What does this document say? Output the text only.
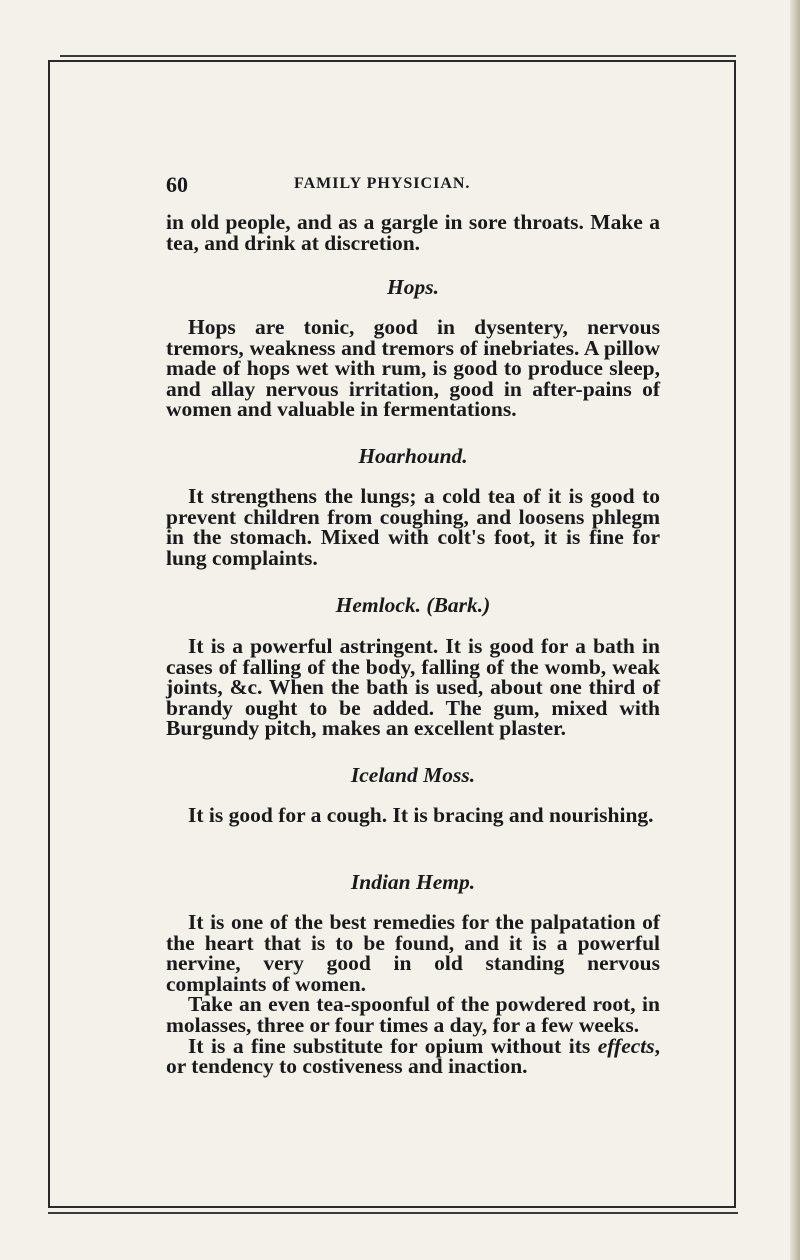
60	FAMILY PHYSICIAN.

in old people, and as a gargle in sore throats. Make a tea, and drink at discretion.

Hops.

Hops are tonic, good in dysentery, nervous tremors, weakness and tremors of inebriates. A pillow made of hops wet with rum, is good to produce sleep, and allay nervous irritation, good in after-pains of women and valuable in fermentations.

Hoarhound.

It strengthens the lungs; a cold tea of it is good to prevent children from coughing, and loosens phlegm in the stomach. Mixed with colt's foot, it is fine for lung complaints.

Hemlock. (Bark.)

It is a powerful astringent. It is good for a bath in cases of falling of the body, falling of the womb, weak joints, &c. When the bath is used, about one third of brandy ought to be added. The gum, mixed with Burgundy pitch, makes an excellent plaster.

Iceland Moss.

It is good for a cough. It is bracing and nourishing.

Indian Hemp.

It is one of the best remedies for the palpatation of the heart that is to be found, and it is a powerful nervine, very good in old standing nervous complaints of women.

Take an even tea-spoonful of the powdered root, in molasses, three or four times a day, for a few weeks.

It is a fine substitute for opium without its effects, or tendency to costiveness and inaction.
